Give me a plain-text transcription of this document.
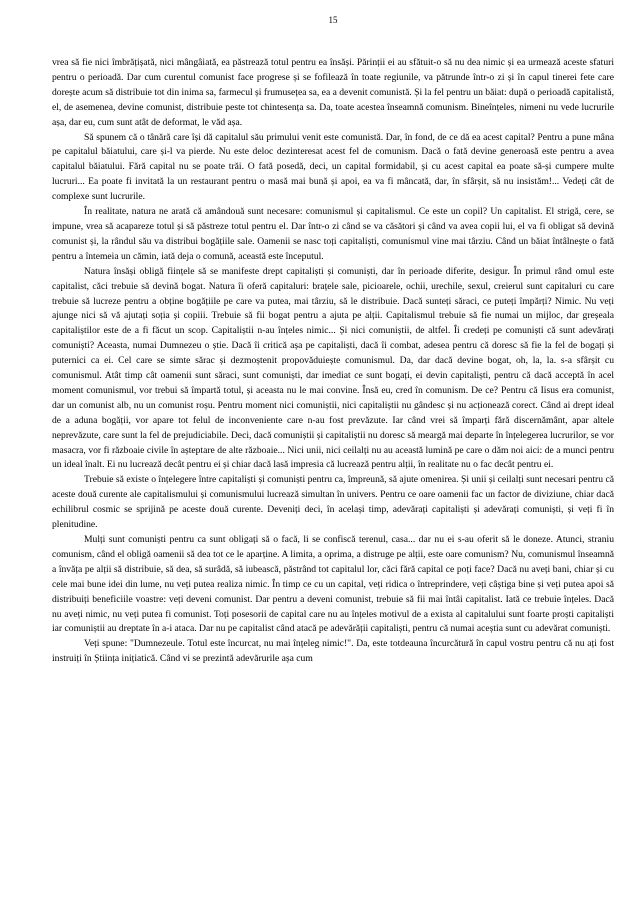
15

vrea să fie nici îmbrățișată, nici mângâiată, ea păstrează totul pentru ea însăși. Părinții ei au sfătuit-o să nu dea nimic și ea urmează aceste sfaturi pentru o perioadă. Dar cum curentul comunist face progrese și se fofilează în toate regiunile, va pătrunde într-o zi și în capul tinerei fete care dorește acum să distribuie tot din inima sa, farmecul și frumusețea sa, ea a devenit comunistă. Și la fel pentru un băiat: după o perioadă capitalistă, el, de asemenea, devine comunist, distribuie peste tot chintesența sa. Da, toate acestea înseamnă comunism. Bineînțeles, nimeni nu vede lucrurile așa, dar eu, cum sunt atât de deformat, le văd așa.

Să spunem că o tânără care își dă capitalul său primului venit este comunistă. Dar, în fond, de ce dă ea acest capital? Pentru a pune mâna pe capitalul băiatului, care și-l va pierde. Nu este deloc dezinteresat acest fel de comunism. Dacă o fată devine generoasă este pentru a avea capitalul băiatului. Fără capital nu se poate trăi. O fată posedă, deci, un capital formidabil, și cu acest capital ea poate să-și cumpere multe lucruri... Ea poate fi invitată la un restaurant pentru o masă mai bună și apoi, ea va fi mâncată, dar, în sfârșit, să nu insistăm!... Vedeți cât de complexe sunt lucrurile.

În realitate, natura ne arată că amândouă sunt necesare: comunismul și capitalismul. Ce este un copil? Un capitalist. El strigă, cere, se impune, vrea să acapareze totul și să păstreze totul pentru el. Dar într-o zi când se va căsători și când va avea copii lui, el va fi obligat să devină comunist și, la rândul său va distribui bogățiile sale. Oamenii se nasc toți capitaliști, comunismul vine mai târziu. Când un băiat întâlnește o fată pentru a întemeia un cămin, iată deja o comună, această este începutul.

Natura însăși obligă ființele să se manifeste drept capitaliști și comuniști, dar în perioade diferite, desigur. În primul rând omul este capitalist, căci trebuie să devină bogat. Natura îi oferă capitaluri: brațele sale, picioarele, ochii, urechile, sexul, creierul sunt capitaluri cu care trebuie să lucreze pentru a obține bogățiile pe care va putea, mai târziu, să le distribuie. Dacă sunteți săraci, ce puteți împărți? Nimic. Nu veți ajunge nici să vă ajutați soția și copiii. Trebuie să fii bogat pentru a ajuta pe alții. Capitalismul trebuie să fie numai un mijloc, dar greșeala capitaliștilor este de a fi făcut un scop. Capitaliștii n-au înțeles nimic... Și nici comuniștii, de altfel. Îi credeți pe comuniști că sunt adevărați comuniști? Aceasta, numai Dumnezeu o știe. Dacă îi critică așa pe capitaliști, dacă îi combat, adesea pentru că doresc să fie la fel de bogați și puternici ca ei. Cel care se simte sărac și dezmoștenit propovăduiește comunismul. Da, dar dacă devine bogat, oh, la, la. s-a sfârșit cu comunismul. Atât timp cât oamenii sunt săraci, sunt comuniști, dar imediat ce sunt bogați, ei devin capitaliști, pentru că dacă acceptă în acel moment comunismul, vor trebui să împartă totul, și aceasta nu le mai convine. Însă eu, cred în comunism. De ce? Pentru că Iisus era comunist, dar un comunist alb, nu un comunist roșu. Pentru moment nici comuniștii, nici capitaliștii nu gândesc și nu acționează corect. Când ai drept ideal de a aduna bogății, vor apare tot felul de inconveniente care n-au fost prevăzute. Iar când vrei să împarți fără discernământ, apar altele neprevăzute, care sunt la fel de prejudiciabile. Deci, dacă comuniștii și capitaliștii nu doresc să meargă mai departe în înțelegerea lucrurilor, se vor masacra, vor fi războaie civile în așteptare de alte războaie... Nici unii, nici ceilalți nu au această lumină pe care o dăm noi aici: de a munci pentru un ideal înalt. Ei nu lucrează decât pentru ei și chiar dacă lasă impresia că lucrează pentru alții, în realitate nu o fac decât pentru ei.

Trebuie să existe o înțelegere între capitaliști și comuniști pentru ca, împreună, să ajute omenirea. Și unii și ceilalți sunt necesari pentru că aceste două curente ale capitalismului și comunismului lucrează simultan în univers. Pentru ce oare oamenii fac un factor de diviziune, chiar dacă echilibrul cosmic se sprijină pe aceste două curente. Deveniți deci, în același timp, adevărați capitaliști și adevărați comuniști, și veți fi în plenitudine.

Mulți sunt comuniști pentru ca sunt obligați să o facă, li se confiscă terenul, casa... dar nu ei s-au oferit să le doneze. Atunci, straniu comunism, când el obligă oamenii să dea tot ce le aparține. A limita, a oprima, a distruge pe alții, este oare comunism? Nu, comunismul înseamnă a învăța pe alții să distribuie, să dea, să surâdă, să iubească, păstrând tot capitalul lor, căci fără capital ce poți face? Dacă nu aveți bani, chiar și cu cele mai bune idei din lume, nu veți putea realiza nimic. În timp ce cu un capital, veți ridica o întreprindere, veți câștiga bine și veți putea apoi să distribuiți beneficiile voastre: veți deveni comunist. Dar pentru a deveni comunist, trebuie să fii mai întâi capitalist. Iată ce trebuie înțeles. Dacă nu aveți nimic, nu veți putea fi comunist. Toți posesorii de capital care nu au înțeles motivul de a exista al capitalului sunt foarte proști capitaliști iar comuniștii au dreptate în a-i ataca. Dar nu pe capitalist când atacă pe adevărății capitaliști, pentru că numai aceștia sunt cu adevărat comuniști.

Veți spune: "Dumnezeule. Totul este încurcat, nu mai înțeleg nimic!". Da, este totdeauna încurcătură în capul vostru pentru că nu ați fost instruiți în Știința inițiatică. Când vi se prezintă adevărurile așa cum
